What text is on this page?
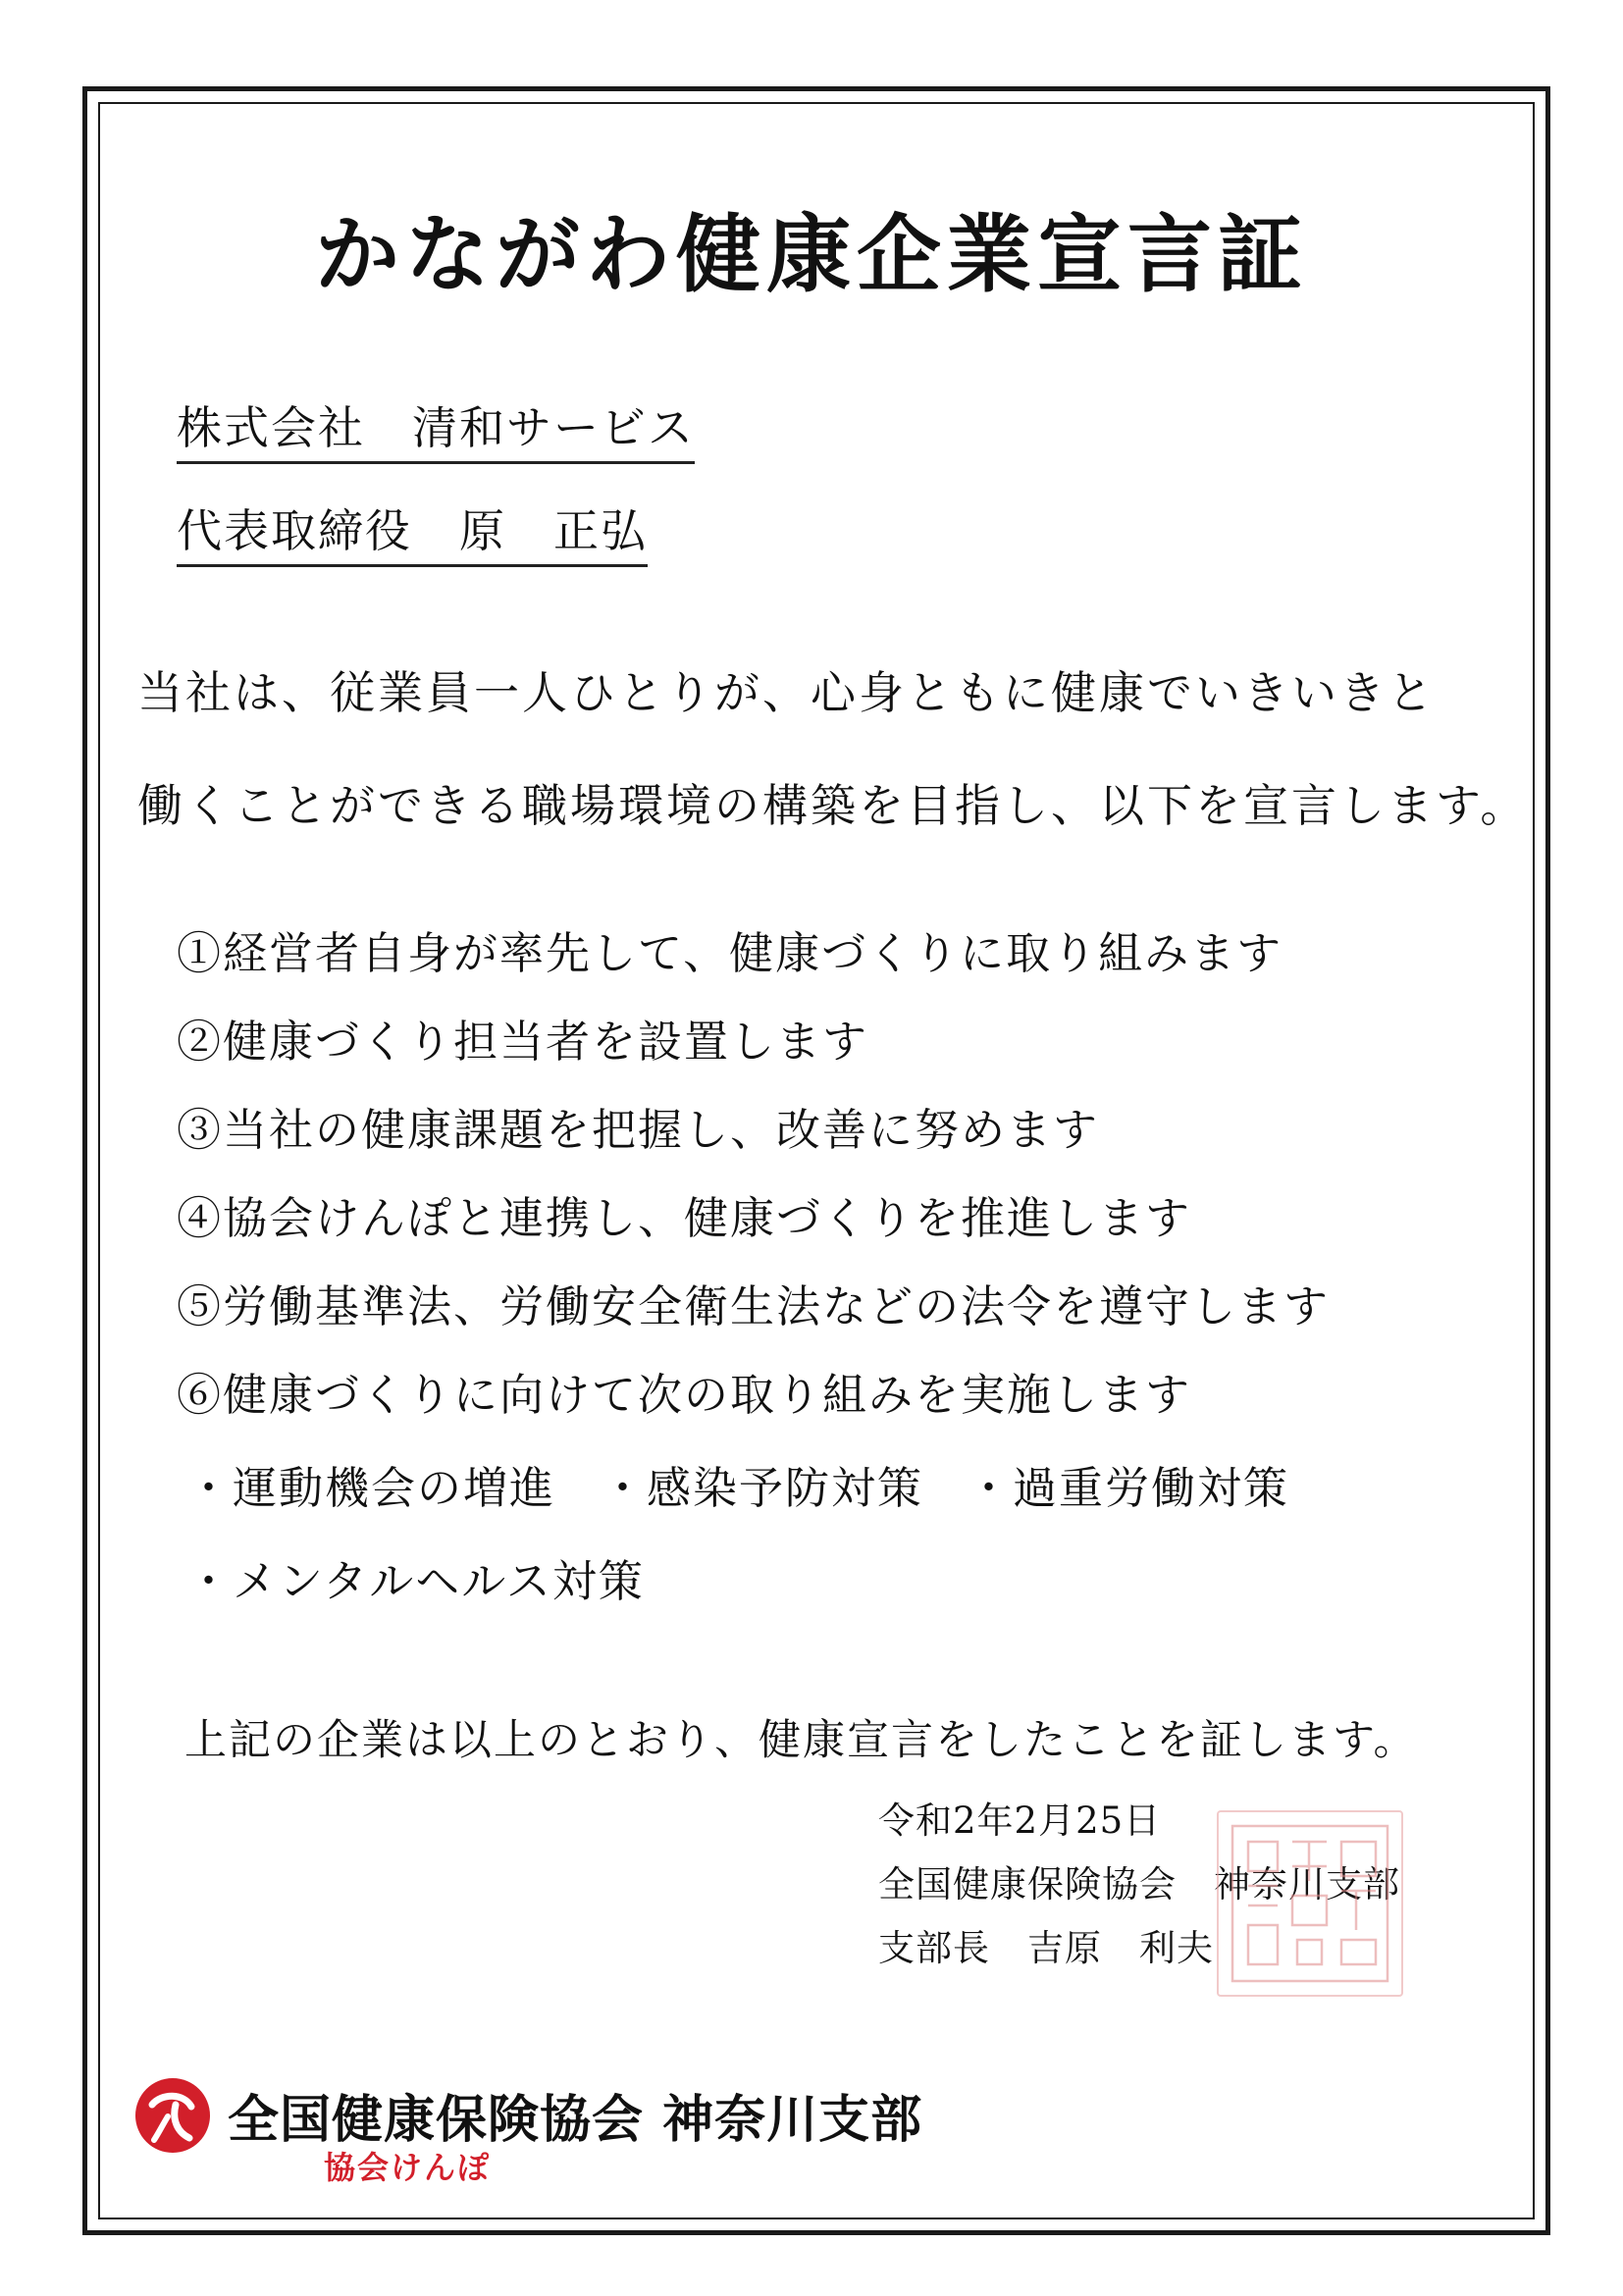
かながわ健康企業宣言証
株式会社　清和サービス
代表取締役　原　正弘
当社は、従業員一人ひとりが、心身ともに健康でいきいきと
働くことができる職場環境の構築を目指し、以下を宣言します。
①経営者自身が率先して、健康づくりに取り組みます
②健康づくり担当者を設置します
③当社の健康課題を把握し、改善に努めます
④協会けんぽと連携し、健康づくりを推進します
⑤労働基準法、労働安全衛生法などの法令を遵守します
⑥健康づくりに向けて次の取り組みを実施します
・運動機会の増進 ・感染予防対策 ・過重労働対策
・メンタルヘルス対策
上記の企業は以上のとおり、健康宣言をしたことを証します。
令和2年2月25日
全国健康保険協会　神奈川支部
支部長　吉原　利夫
全国健康保険協会 神奈川支部
協会けんぽ
